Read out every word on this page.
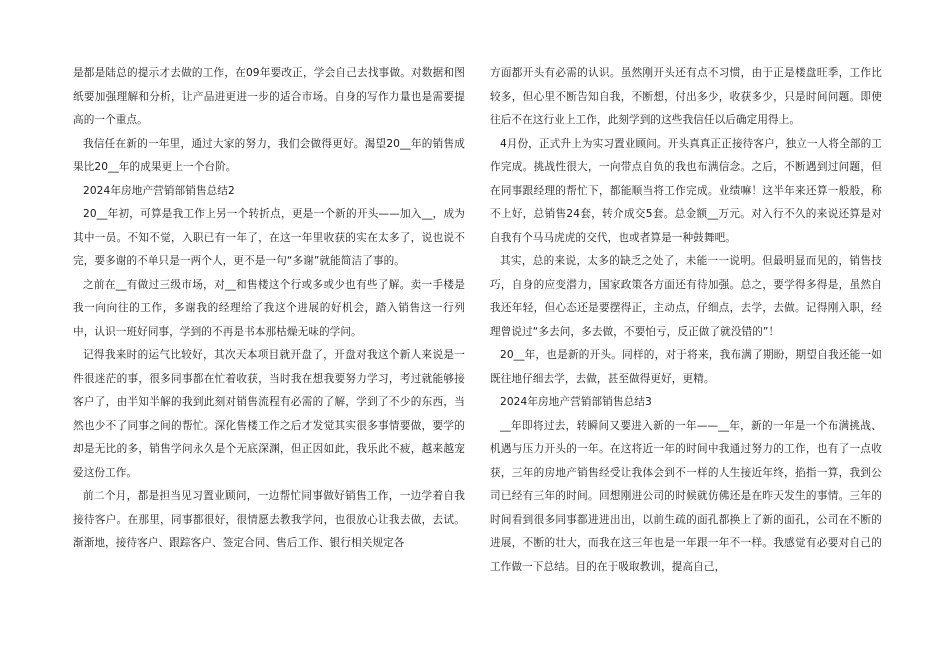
是都是陆总的提示才去做的工作，在09年要改正，学会自己去找事做。对数据和图纸要加强理解和分析，让产品进更进一步的适合市场。自身的写作力量也是需要提高的一个重点。

我信任在新的一年里，通过大家的努力，我们会做得更好。渴望20__年的销售成果比20__年的成果更上一个台阶。

2024年房地产营销部销售总结2

20__年初，可算是我工作上另一个转折点，更是一个新的开头——加入__，成为其中一员。不知不觉，入职已有一年了，在这一年里收获的实在太多了，说也说不完，要多谢的不单只是一两个人，更不是一句“多谢”就能简洁了事的。

之前在__有做过三级市场，对__和售楼这个行或多或少也有些了解。卖一手楼是我一向向往的工作，多谢我的经理给了我这个进展的好机会，踏入销售这一行列中，认识一班好同事，学到的不再是书本那枯燥无味的学问。

记得我来时的运气比较好，其次天本项目就开盘了，开盘对我这个新人来说是一件很迷茫的事，很多同事都在忙着收获，当时我在想我要努力学习，考过就能够接客户了，由半知半解的我到此刻对销售流程有必需的了解，学到了不少的东西，当然也少不了同事之间的帮忙。深化售楼工作之后才发觉其实很多事情要做，要学的却是无比的多，销售学问永久是个无底深渊，但正因如此，我乐此不疲，越来越宠爱这份工作。

前二个月，都是担当见习置业顾问，一边帮忙同事做好销售工作，一边学着自我接待客户。在那里，同事都很好，很情愿去教我学问，也很放心让我去做，去试。渐渐地，接待客户、跟踪客户、签定合同、售后工作、银行相关规定各

方面都开头有必需的认识。虽然刚开头还有点不习惯，由于正是楼盘旺季，工作比较多，但心里不断告知自我，不断想，付出多少，收获多少，只是时间问题。即使往后不在这行业上工作，此刻学到的这些我信任以后确定用得上。

4月份，正式升上为实习置业顾问。开头真真正正接待客户，独立一人将全部的工作完成。挑战性很大，一向带点自负的我也布满信念。之后，不断遇到过问题，但在同事跟经理的帮忙下，都能顺当将工作完成。业绩嘛！这半年来还算一般般，称不上好，总销售24套，转介成交5套。总金额__万元。对入行不久的来说还算是对自我有个马马虎虎的交代，也或者算是一种鼓舞吧。

其实，总的来说，太多的缺乏之处了，未能一一说明。但最明显而见的，销售技巧，自身的应变潜力，国家政策各方面还有待加强。总之，要学得多得是，虽然自我还年轻，但心态还是要摆得正，主动点，仔细点，去学，去做。记得刚入职，经理曾说过“多去问，多去做，不要怕亏，反正做了就没错的”！

20__年，也是新的开头。同样的，对于将来，我布满了期盼，期望自我还能一如既往地仔细去学，去做，甚至做得更好，更精。

2024年房地产营销部销售总结3

__年即将过去，转瞬间又要进入新的一年——__年，新的一年是一个布满挑战、机遇与压力开头的一年。在这将近一年的时间中我通过努力的工作，也有了一点收获，三年的房地产销售经受让我体会到不一样的人生接近年终，掐指一算，我到公司已经有三年的时间。回想刚进公司的时候就仿佛还是在昨天发生的事情。三年的时间看到很多同事都进进出出，以前生疏的面孔都换上了新的面孔，公司在不断的进展，不断的壮大，而我在这三年也是一年跟一年不一样。我感觉有必要对自己的工作做一下总结。目的在于吸取教训，提高自己，
